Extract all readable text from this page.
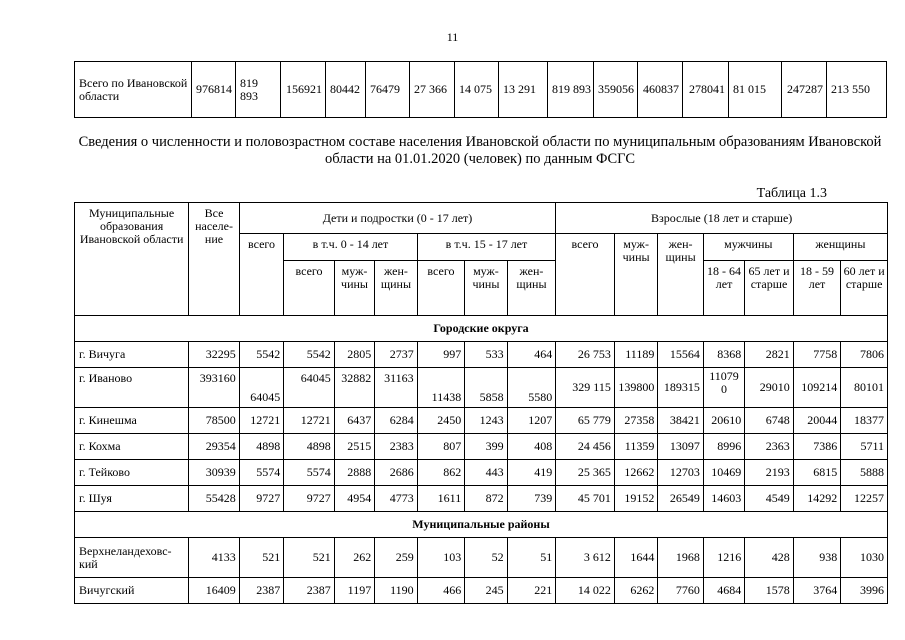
11
Всего по Ивановской области	976814	819 893	156921	80442	76479	27 366	14 075	13 291	819 893	359056	460837	278041	81 015	247287	213 550
Сведения о численности и половозрастном составе населения Ивановской области по муниципальным образованиям Ивановской области на 01.01.2020 (человек) по данным ФСГС
Таблица 1.3
Муниципальные образования Ивановской области	Все населе-ние	Дети и подростки (0 - 17 лет)							Взрослые (18 лет и старше)						
		всего	в т.ч. 0 - 14 лет			в т.ч. 15 - 17 лет			всего	муж-чины	жен-щины	мужчины		женщины	
			всего	муж-чины	жен-щины	всего	муж-чины	жен-щины				18 - 64 лет	65 лет и старше	18 - 59 лет	60 лет и старше
Городские округа															
г. Вичуга	32295	5542	5542	2805	2737	997	533	464	26 753	11189	15564	8368	2821	7758	7806
г. Иваново	393160	64045	64045	32882	31163	11438	5858	5580	329 115	139800	189315	11079 0	29010	109214	80101
г. Кинешма	78500	12721	12721	6437	6284	2450	1243	1207	65 779	27358	38421	20610	6748	20044	18377
г. Кохма	29354	4898	4898	2515	2383	807	399	408	24 456	11359	13097	8996	2363	7386	5711
г. Тейково	30939	5574	5574	2888	2686	862	443	419	25 365	12662	12703	10469	2193	6815	5888
г. Шуя	55428	9727	9727	4954	4773	1611	872	739	45 701	19152	26549	14603	4549	14292	12257
Муниципальные районы															
Верхнеландеховс-кий	4133	521	521	262	259	103	52	51	3 612	1644	1968	1216	428	938	1030
Вичугский	16409	2387	2387	1197	1190	466	245	221	14 022	6262	7760	4684	1578	3764	3996
